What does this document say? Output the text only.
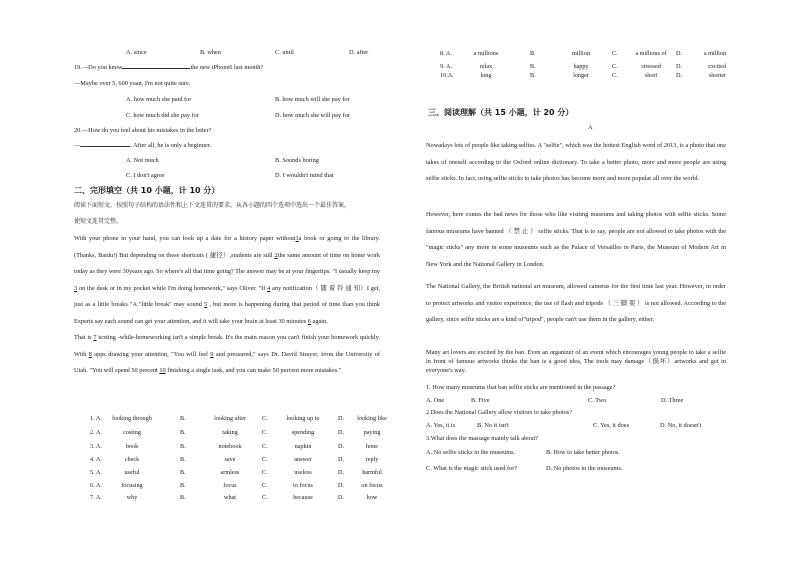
A. since	B. when	C. until	D. after
19.—Do you know	the new iPhone6 last month?
—Maybe over 5, 600 yuan, I'm not quite sure.
A. how much she paid for	B. how much will she pay for
C. how much did she pay for	D. how much she will pay for
20.—How do you feel about his mistakes in the letter?
—	. After all, he is only a beginner.
A. Not much	B. Sounds boring
C. I don't agree	D. I wouldn't mind that
二、完形填空（共 10 小题，计 10 分）
阅读下面短文，按照句子结构的语法性和上下文连贯的要求，从各小题的四个选项中选出一个最佳答案，
使短文连贯完整。
With your phone in your hand, you can look up a date for a history paper without1a book or going to the library. (Thanks, Baidu!) But depending on these shortcuts ( 捷径）,students are still 2the same amount of time on home work today as they were 30years ago. So where's all that time going? The answer may be at your fingertips. "I usually keep my 3 on the desk or in my pocket while I'm doing homework," says Oliver. "If 4 any notification（ 随 着 铃 通 知）I get, just as a little breaks "A "little break" may sound 5 , but more is happening during that period of time than you think Experts say each sound can get your attention, and it will take your brain at least 30 minutes 6 again.
That is 7 texting -while-homeworking isn't a simple break. It's the main reason you can't finish your homework quickly. With 8 apps drawing your attention, "You will feel 9 and pressured," says Dr. David Strayer, from the University of Utah. "You will spend 50 percent 10 finishing a single task, and you can make 50 percent more mistakes."
1. A.	looking through	B.	looking after	C.	looking up to	D.	looking like
2. A.	costing	B.	taking	C.	spending	D.	paying
3. A.	book	B.	notebook	C.	napkin	D.	hone
4. A.	check	B.	save	C.	answer	D.	reply
5. A.	useful	B.	armless	C.	useless	D.	harmful
6. A.	focusing	B.	focus	C.	to focus	D.	on focus
7. A.	why	B.	what	C.	because	D.	how
8. A.	a millions	B.	million	C.	a millions of	D.	a million
9. A.	relax	B.	happy	C.	stressed	D.	excited
10.A.	long	B.	longer	C.	short	D.	shorter
三、阅读理解（共 15 小题，计 20 分）
A
Nowadays lots of people like taking selfies. A "selfie", which was the hottest English word of 2013, is a photo that one takes of oneself according to the Oxford online dictionary. To take a better photo, more and more people are using selfie sticks. In fact, using selfie sticks to take photos has become more and more popular all over the world.
However, here comes the bad news for those who like visiting museums and taking photos with selfie sticks. Some famous museums have banned （ 禁 止 ） selfie sticks. That is to say, people are not allowed to take photos with the "magic sticks" any more in some museums such as the Palace of Versailles in Paris, the Museum of Modern Art in New York and the National Gallery in London.
The National Gallery, the British national art museum, allowed cameras for the first time last year. However, in order to protect artworks and visitor experience, the use of flash and tripods （ 三 脚 架 ） is not allowed. According to the gallery, since selfie sticks are a kind of"tripod", people can't use them in the gallery, either.
Many art lovers are excited by the ban. Even an organizer of an event which encourages young people to take a selfie in front of famous artworks thinks the ban is a good idea, The tools may damage（损坏）artworks and get in everyone's way.
1. How many museums that ban selfie sticks are mentioned in the passage?
A. One	B. Five	C. Two	D. Three
2.Does the National Gallery allow visitors to take photos?
A. Yes, it is	B. No it isn't	C. Yes, it does	D. No, it doesn't
3.What does the massage mainly talk about?
A. No selfie sticks in the museums.	B. How to take better photos.
C. What is the magic stick used for?	D. No photos in the museums.
